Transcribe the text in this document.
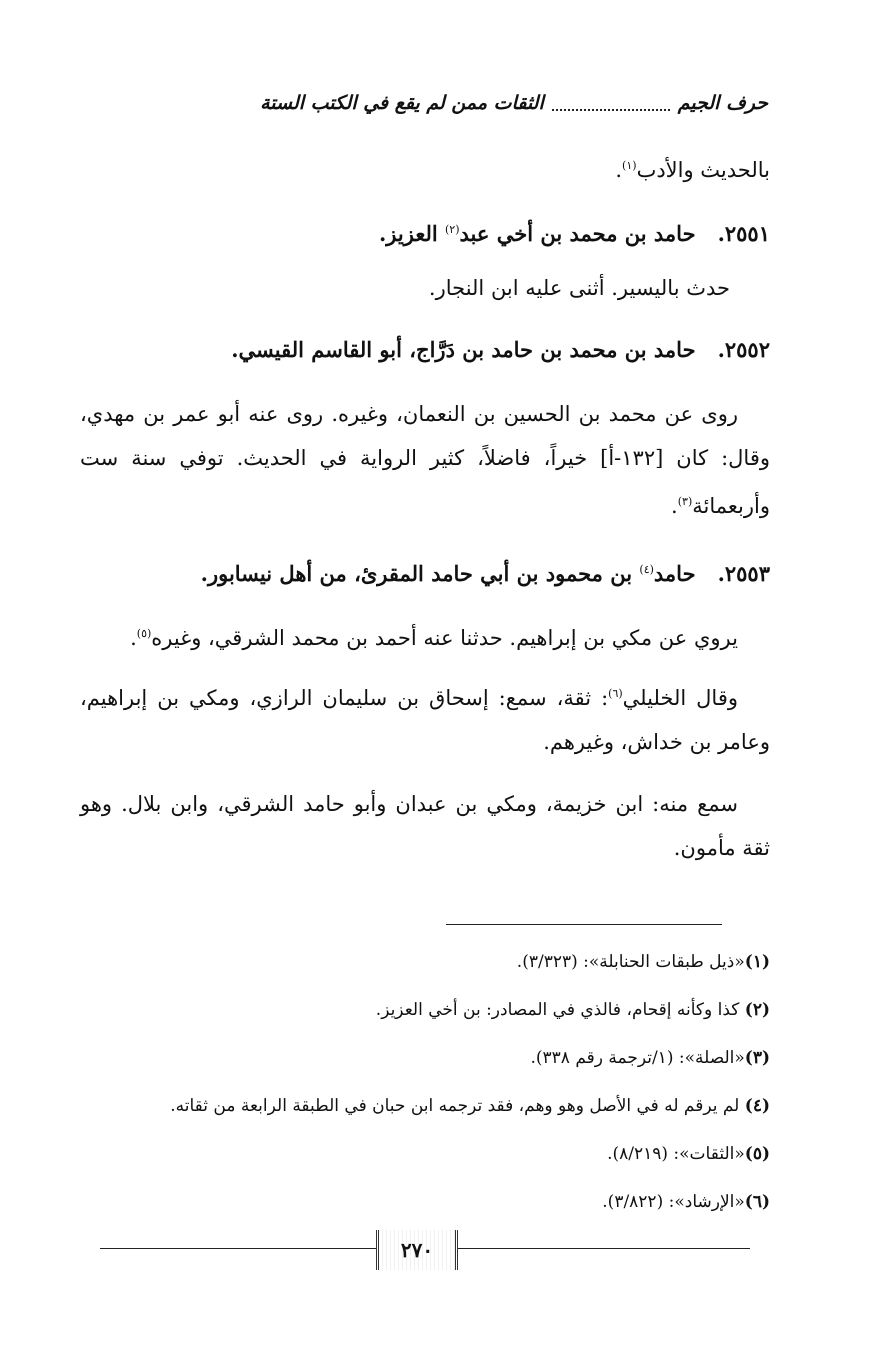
حرف الجيم
الثقات ممن لم يقع في الكتب الستة
بالحديث والأدب$^{(١)}$.
٢٥٥١.حامد بن محمد بن أخي عبد$^{(٢)}$ العزيز.
حدث باليسير. أثنى عليه ابن النجار.
٢٥٥٢.حامد بن محمد بن حامد بن دَرَّاج، أبو القاسم القيسي.
روى عن محمد بن الحسين بن النعمان، وغيره. روى عنه أبو عمر بن مهدي، وقال: كان [١٣٢-أ] خيراً، فاضلاً، كثير الرواية في الحديث. توفي سنة ست وأربعمائة$^{(٣)}$.
٢٥٥٣.حامد$^{(٤)}$ بن محمود بن أبي حامد المقرئ، من أهل نيسابور.
يروي عن مكي بن إبراهيم. حدثنا عنه أحمد بن محمد الشرقي، وغيره$^{(٥)}$.
وقال الخليلي$^{(٦)}$: ثقة، سمع: إسحاق بن سليمان الرازي، ومكي بن إبراهيم، وعامر بن خداش، وغيرهم.
سمع منه: ابن خزيمة، ومكي بن عبدان وأبو حامد الشرقي، وابن بلال. وهو ثقة مأمون.
(١)«ذيل طبقات الحنابلة»: (٣/٣٢٣).
(٢) كذا وكأنه إقحام، فالذي في المصادر: بن أخي العزيز.
(٣)«الصلة»: (١/ترجمة رقم ٣٣٨).
(٤) لم يرقم له في الأصل وهو وهم، فقد ترجمه ابن حبان في الطبقة الرابعة من ثقاته.
(٥)«الثقات»: (٨/٢١٩).
(٦)«الإرشاد»: (٣/٨٢٢).
٢٧٠
